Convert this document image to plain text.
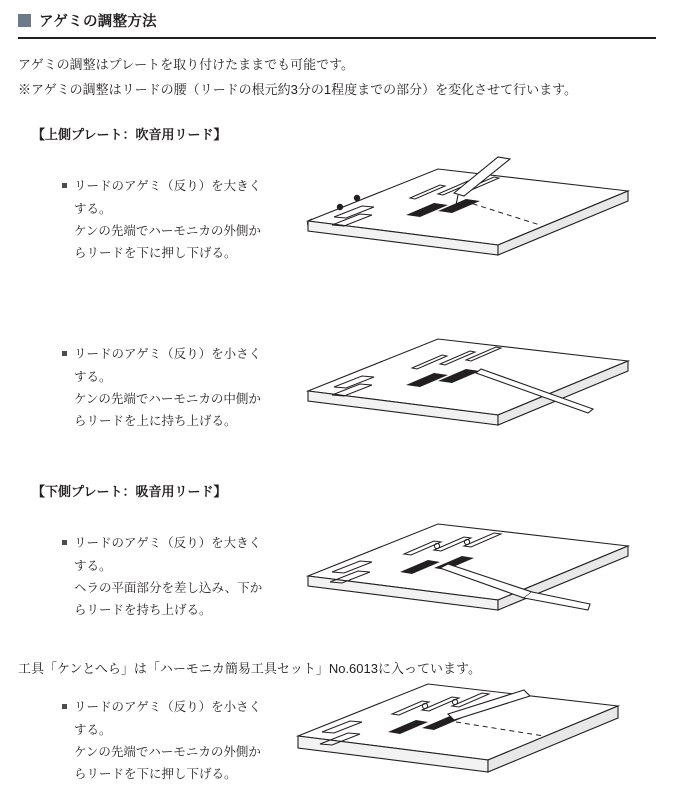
アゲミの調整方法
アゲミの調整はプレートを取り付けたままでも可能です。
※アゲミの調整はリードの腰（リードの根元約3分の1程度までの部分）を変化させて行います。
【上側プレート：吹音用リード】
リードのアゲミ（反り）を大きく
する。
ケンの先端でハーモニカの外側か
らリードを下に押し下げる。
リードのアゲミ（反り）を小さく
する。
ケンの先端でハーモニカの中側か
らリードを上に持ち上げる。
【下側プレート：吸音用リード】
リードのアゲミ（反り）を大きく
する。
ヘラの平面部分を差し込み、下か
らリードを持ち上げる。
リードのアゲミ（反り）を小さく
する。
ケンの先端でハーモニカの外側か
らリードを下に押し下げる。
工具「ケンとへら」は「ハーモニカ簡易工具セット」No.6013に入っています。
